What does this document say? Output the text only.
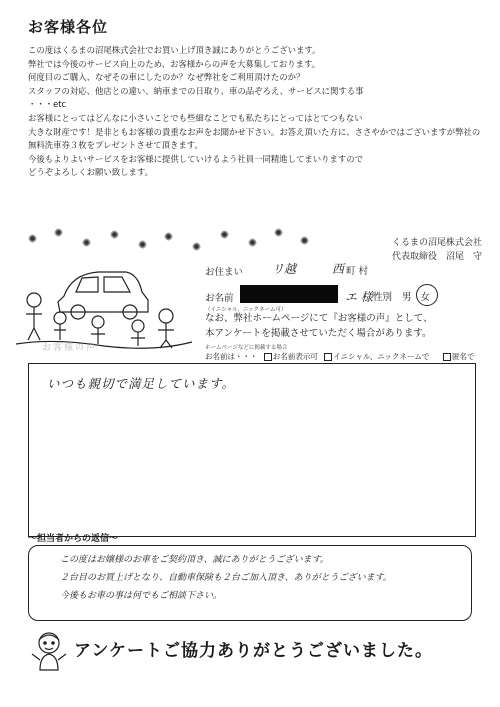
お客様各位
この度はくるまの沼尾株式会社でお買い上げ頂き誠にありがとうございます。
弊社では今後のサービス向上のため、お客様からの声を大募集しております。
何度目のご購入、なぜその車にしたのか？なぜ弊社をご利用頂けたのか？
スタッフの対応、他店との違い、納車までの日取り、車の品ぞろえ、サービスに関する事
・・・etc
お客様にとってはどんなに小さいことでも些細なことでも私たちにとってはとてつもない
大きな財産です！是非ともお客様の貴重なお声をお聞かせ下さい。お答え頂いた方に、ささやかではございますが弊社の無料洗車券３枚をプレゼントさせて頂きます。
今後もよりよいサービスをお客様に提供していけるよう社員一同精進してまいりますので
どうぞよろしくお願い致します。
くるまの沼尾株式会社
代表取締役　沼尾　守
お客様の声
お住まい リ越	西 町 村
お名前	エ 様 性別 男 女
（イニシャル、ニックネーム可）
なお、弊社ホームページにて『お客様の声』として、
本アンケートを掲載させていただく場合があります。
ホームページなどに掲載する場合
お名前は・・・ お名前表示可 イニシャル、ニックネームで	匿名で
いつも親切で満足しています。
～担当者からの返信～
この度はお嬢様のお車をご契約頂き、誠にありがとうございます。
２台目のお買上げとなり、自動車保険も２台ご加入頂き、ありがとうございます。
今後もお車の事は何でもご相談下さい。
アンケートご協力ありがとうございました。
